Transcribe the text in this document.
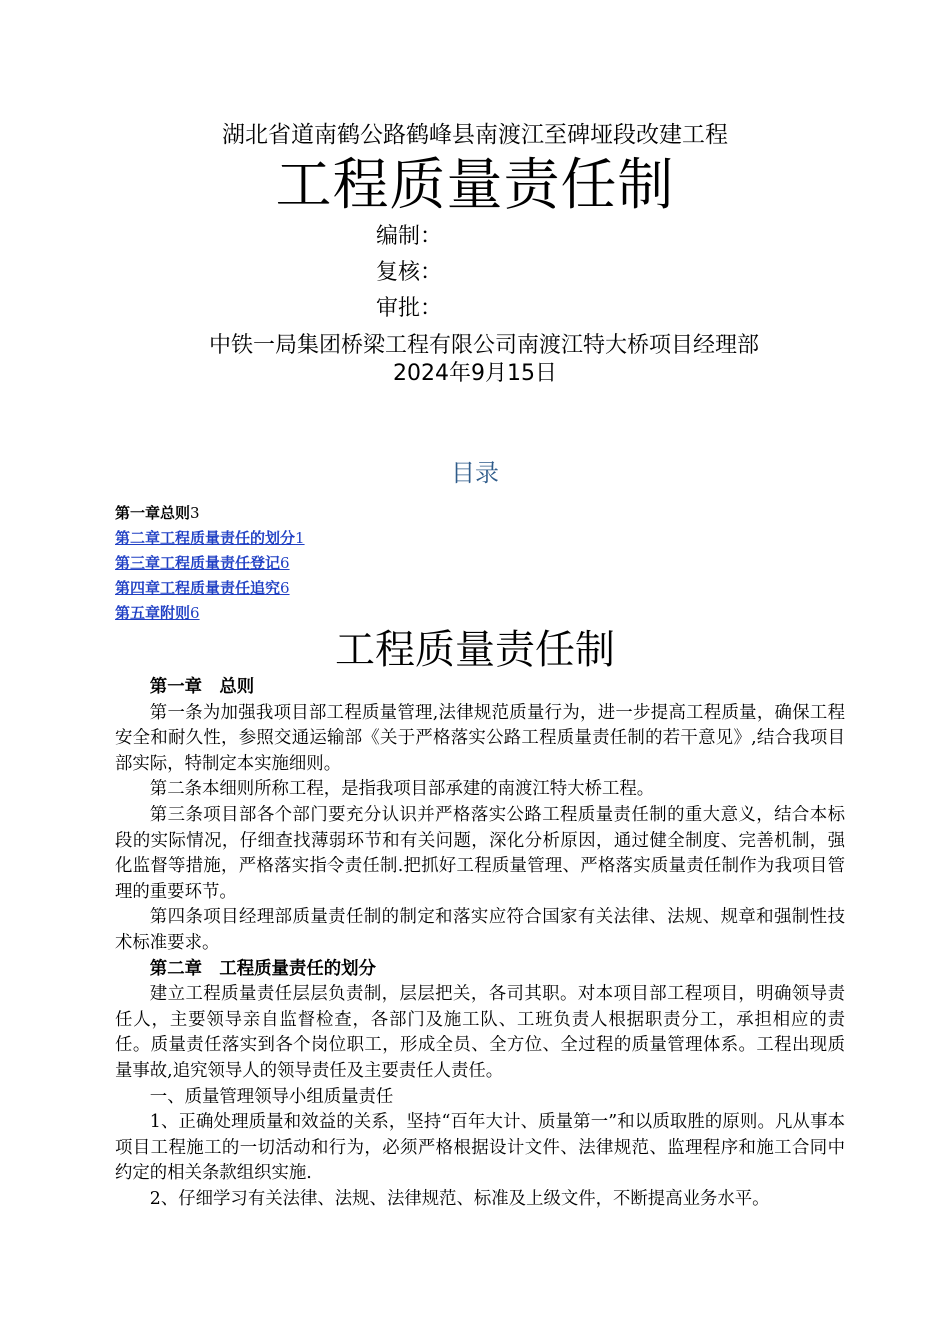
湖北省道南鹤公路鹤峰县南渡江至碑垭段改建工程
工程质量责任制
编制：
复核：
审批：
中铁一局集团桥梁工程有限公司南渡江特大桥项目经理部
2024年9月15日
目录
第一章总则3
第二章工程质量责任的划分1
第三章工程质量责任登记6
第四章工程质量责任追究6
第五章附则6
工程质量责任制

第一章　总则

第一条为加强我项目部工程质量管理,法律规范质量行为，进一步提高工程质量，确保工程安全和耐久性，参照交通运输部《关于严格落实公路工程质量责任制的若干意见》,结合我项目部实际，特制定本实施细则。

第二条本细则所称工程，是指我项目部承建的南渡江特大桥工程。

第三条项目部各个部门要充分认识并严格落实公路工程质量责任制的重大意义，结合本标段的实际情况，仔细查找薄弱环节和有关问题，深化分析原因，通过健全制度、完善机制，强化监督等措施，严格落实指令责任制.把抓好工程质量管理、严格落实质量责任制作为我项目管理的重要环节。

第四条项目经理部质量责任制的制定和落实应符合国家有关法律、法规、规章和强制性技术标准要求。

第二章　工程质量责任的划分

建立工程质量责任层层负责制，层层把关，各司其职。对本项目部工程项目，明确领导责任人，主要领导亲自监督检查，各部门及施工队、工班负责人根据职责分工，承担相应的责任。质量责任落实到各个岗位职工，形成全员、全方位、全过程的质量管理体系。工程出现质量事故,追究领导人的领导责任及主要责任人责任。

一、质量管理领导小组质量责任

1、正确处理质量和效益的关系，坚持“百年大计、质量第一”和以质取胜的原则。凡从事本项目工程施工的一切活动和行为，必须严格根据设计文件、法律规范、监理程序和施工合同中约定的相关条款组织实施.

2、仔细学习有关法律、法规、法律规范、标准及上级文件，不断提高业务水平。
